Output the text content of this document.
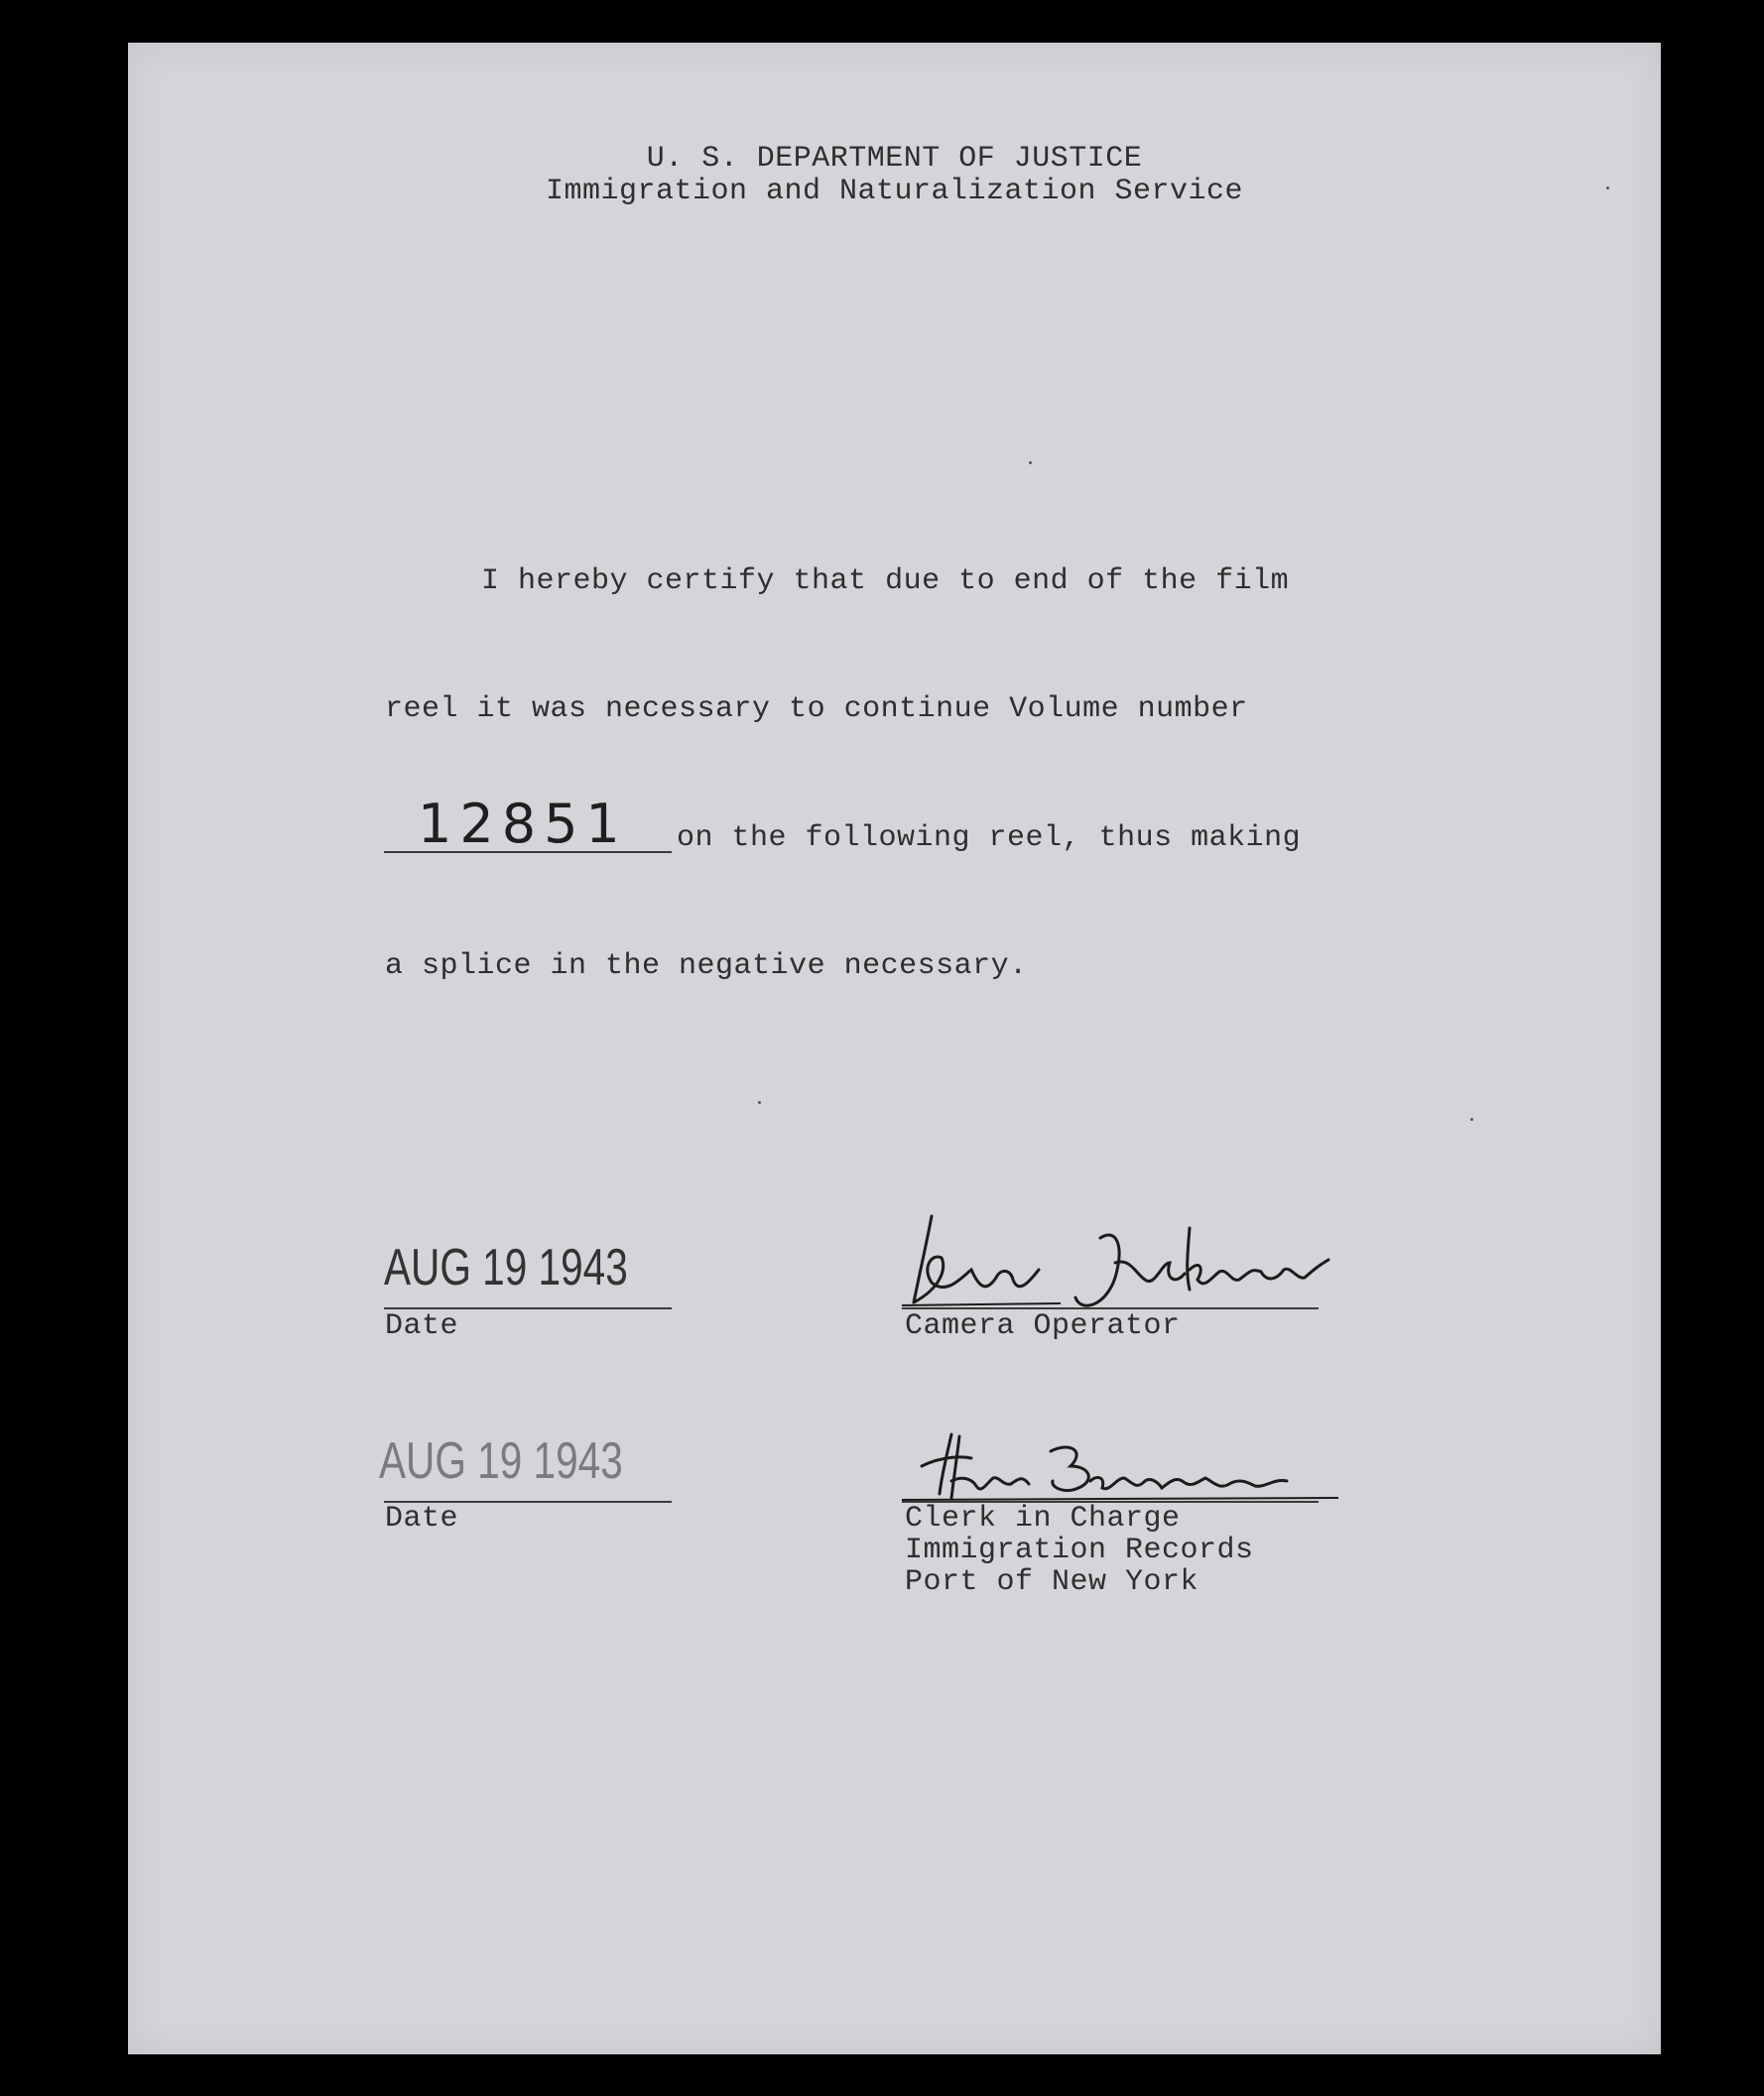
U. S. DEPARTMENT OF JUSTICE
Immigration and Naturalization Service
I hereby certify that due to end of the film
reel it was necessary to continue Volume number
12851 on the following reel, thus making
a splice in the negative necessary.
AUG 19 1943
Date	Camera Operator
AUG 19 1943
Date	Clerk in Charge
Immigration Records
Port of New York
